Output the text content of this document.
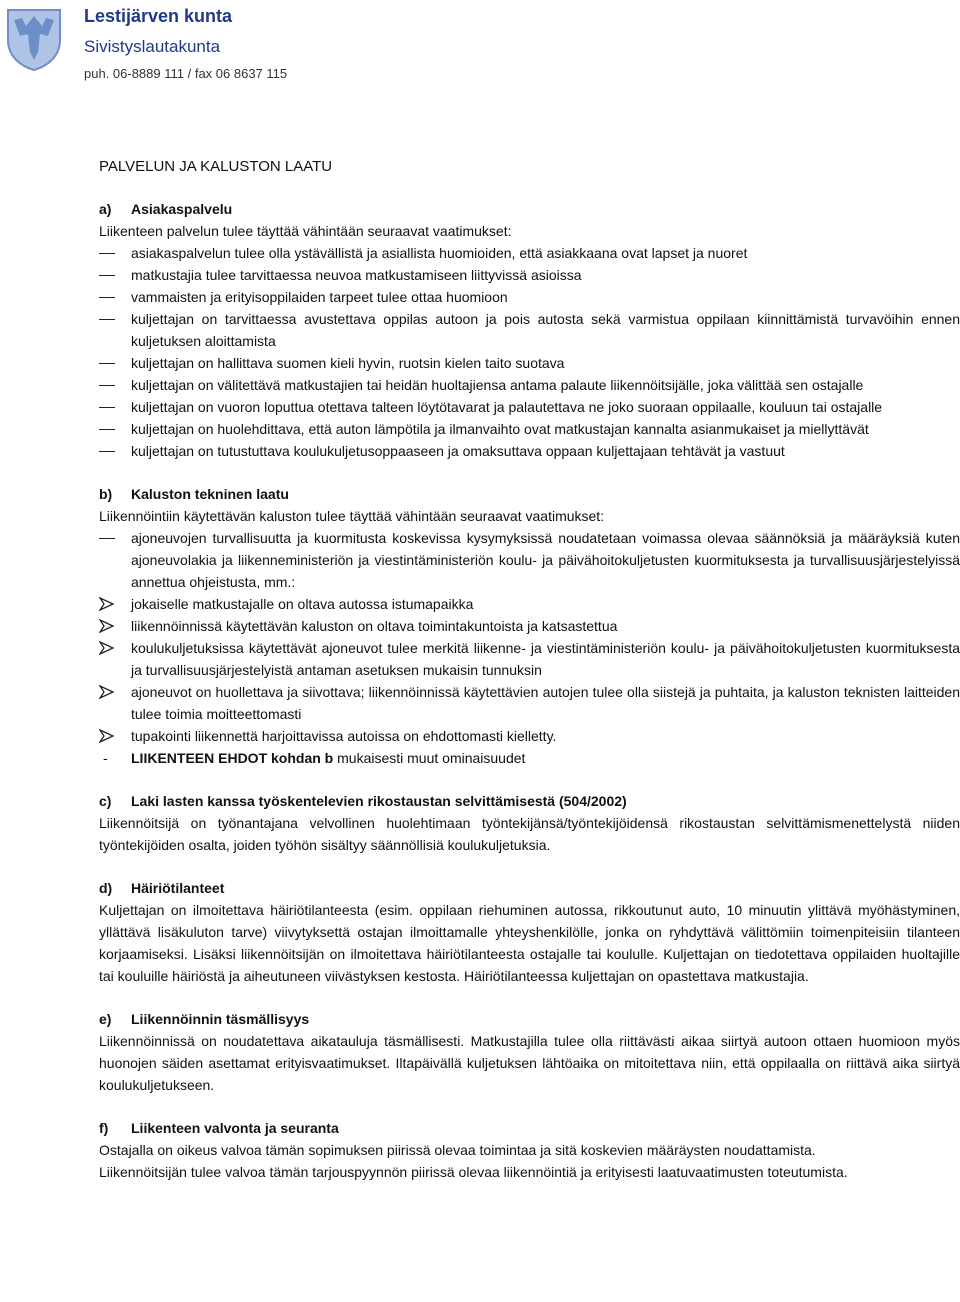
Lestijärven kunta
Sivistyslautakunta
puh. 06-8889 111 / fax 06 8637 115
PALVELUN JA KALUSTON LAATU
a)	Asiakaspalvelu
Liikenteen palvelun tulee täyttää vähintään seuraavat vaatimukset:
asiakaspalvelun tulee olla ystävällistä ja asiallista huomioiden, että asiakkaana ovat lapset ja nuoret
matkustajia tulee tarvittaessa neuvoa matkustamiseen liittyvissä asioissa
vammaisten ja erityisoppilaiden tarpeet tulee ottaa huomioon
kuljettajan on tarvittaessa avustettava oppilas autoon ja pois autosta sekä varmistua oppilaan kiinnittämistä turvavöihin ennen kuljetuksen aloittamista
kuljettajan on hallittava suomen kieli hyvin, ruotsin kielen taito suotava
kuljettajan on välitettävä matkustajien tai heidän huoltajiensa antama palaute liikennöitsijälle, joka välittää sen ostajalle
kuljettajan on vuoron loputtua otettava talteen löytötavarat ja palautettava ne joko suoraan oppilaalle, kouluun tai ostajalle
kuljettajan on huolehdittava, että auton lämpötila ja ilmanvaihto ovat matkustajan kannalta asianmukaiset ja miellyttävät
kuljettajan on tutustuttava koulukuljetusoppaaseen ja omaksuttava oppaan kuljettajaan tehtävät ja vastuut
b)	Kaluston tekninen laatu
Liikennöintiin käytettävän kaluston tulee täyttää vähintään seuraavat vaatimukset:
ajoneuvojen turvallisuutta ja kuormitusta koskevissa kysymyksissä noudatetaan voimassa olevaa säännöksiä ja määräyksiä kuten ajoneuvolakia ja liikenneministeriön ja viestintäministeriön koulu- ja päivähoitokuljetusten kuormituksesta ja turvallisuusjärjestelyissä annettua ohjeistusta, mm.:
jokaiselle matkustajalle on oltava autossa istumapaikka
liikennöinnissä käytettävän kaluston on oltava toimintakuntoista ja katsastettua
koulukuljetuksissa käytettävät ajoneuvot tulee merkitä liikenne- ja viestintäministeriön koulu- ja päivähoitokuljetusten kuormituksesta ja turvallisuusjärjestelyistä antaman asetuksen mukaisin tunnuksin
ajoneuvot on huollettava ja siivottava; liikennöinnissä käytettävien autojen tulee olla siistejä ja puhtaita, ja kaluston teknisten laitteiden tulee toimia moitteettomasti
tupakointi liikennettä harjoittavissa autoissa on ehdottomasti kielletty.
-	LIIKENTEEN EHDOT kohdan b mukaisesti muut ominaisuudet
c)	Laki lasten kanssa työskentelevien rikostaustan selvittämisestä (504/2002)
Liikennöitsijä on työnantajana velvollinen huolehtimaan työntekijänsä/työntekijöidensä rikostaustan selvittämismenettelystä niiden työntekijöiden osalta, joiden työhön sisältyy säännöllisiä koulukuljetuksia.
d)	Häiriötilanteet
Kuljettajan on ilmoitettava häiriötilanteesta (esim. oppilaan riehuminen autossa, rikkoutunut auto, 10 minuutin ylittävä myöhästyminen, yllättävä lisäkuluton tarve) viivytyksettä ostajan ilmoittamalle yhteyshenkilölle, jonka on ryhdyttävä välittömiin toimenpiteisiin tilanteen korjaamiseksi. Lisäksi liikennöitsijän on ilmoitettava häiriötilanteesta ostajalle tai koululle. Kuljettajan on tiedotettava oppilaiden huoltajille tai kouluille häiriöstä ja aiheutuneen viivästyksen kestosta. Häiriötilanteessa kuljettajan on opastettava matkustajia.
e)	Liikennöinnin täsmällisyys
Liikennöinnissä on noudatettava aikatauluja täsmällisesti. Matkustajilla tulee olla riittävästi aikaa siirtyä autoon ottaen huomioon myös huonojen säiden asettamat erityisvaatimukset. Iltapäivällä kuljetuksen lähtöaika on mitoitettava niin, että oppilaalla on riittävä aika siirtyä koulukuljetukseen.
f)	Liikenteen valvonta ja seuranta
Ostajalla on oikeus valvoa tämän sopimuksen piirissä olevaa toimintaa ja sitä koskevien määräysten noudattamista.
Liikennöitsijän tulee valvoa tämän tarjouspyynnön piirissä olevaa liikennöintiä ja erityisesti laatuvaatimusten toteutumista.
